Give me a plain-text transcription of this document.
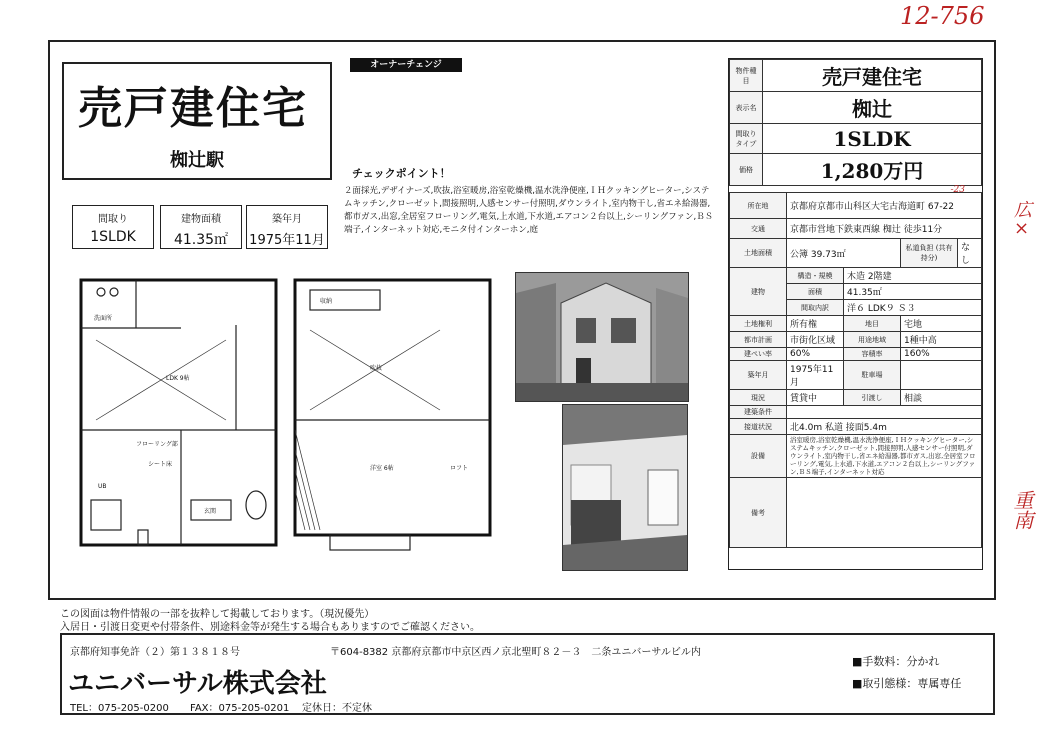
12-756
広×
重南
オーナーチェンジ
売戸建住宅
椥辻駅
間取り
1SLDK
建物面積
41.35㎡
築年月
1975年11月
チェックポイント！
２面採光,デザイナーズ,吹抜,浴室暖房,浴室乾燥機,温水洗浄便座,ＩＨクッキングヒーター,システムキッチン,クローゼット,間接照明,人感センサー付照明,ダウンライト,室内物干し,省エネ給湯器,都市ガス,出窓,全居室フローリング,電気,上水道,下水道,エアコン２台以上,シーリングファン,ＢＳ端子,インターネット対応,モニタ付インターホン,庭
洗面所
LDK 9帖
フローリング部
シート床
玄関
UB
吹抜
洋室 6帖
収納
ロフト
物件種目	売戸建住宅
表示名	椥辻
間取りタイプ	1SLDK
価格	1,280万円
所在地	京都府京都市山科区大宅古海道町 67-22
-23			

交通	京都市営地下鉄東西線 椥辻 徒歩11分			
土地面積	公簿 39.73㎡		私道負担 (共有持分)	なし
建物	構造・規模	木造 2階建		
	面積	41.35㎡		
	間取内訳	洋６ LDK９ Ｓ３		
土地権利	所有権	地目	宅地	
都市計画	市街化区域	用途地域	1種中高	
建ぺい率	60%	容積率	160%	
築年月	1975年11月	駐車場		
現況	賃貸中	引渡し	相談	
建築条件				
接道状況	北4.0m 私道 接面5.4m			
設備	浴室暖房,浴室乾燥機,温水洗浄便座,ＩＨクッキングヒーター,システムキッチン,クローゼット,間接照明,人感センサー付照明,ダウンライト,室内物干し,省エネ給湯器,都市ガス,出窓,全居室フローリング,電気,上水道,下水道,エアコン２台以上,シーリングファン,ＢＳ端子,インターネット対応			
備考				
この図面は物件情報の一部を抜粋して掲載しております。（現況優先）
入居日・引渡日変更や付帯条件、別途料金等が発生する場合もありますのでご確認ください。
京都府知事免許（２）第１３８１８号	〒604-8382 京都府京都市中京区西ノ京北聖町８２－３　二条ユニバーサルビル内
ユニバーサル株式会社
TEL：075-205-0200 FAX：075-205-0201 定休日：不定休
■手数料：分かれ
■取引態様：専属専任
